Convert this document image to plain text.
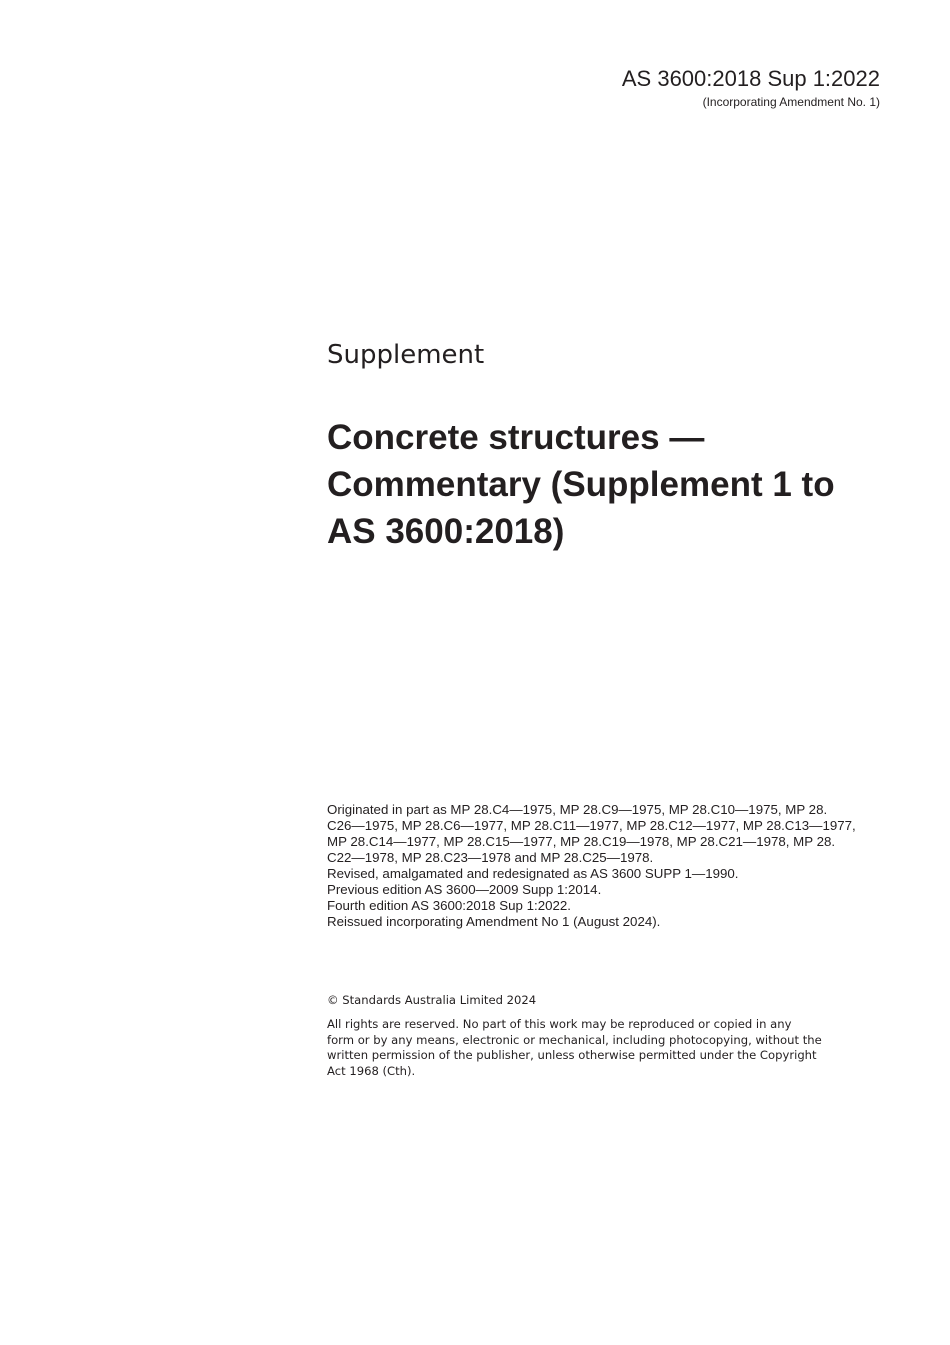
AS 3600:2018 Sup 1:2022
(Incorporating Amendment No. 1)
Supplement
Concrete structures —
Commentary (Supplement 1 to
AS 3600:2018)
Originated in part as MP 28.C4—1975, MP 28.C9—1975, MP 28.C10—1975, MP 28.
C26—1975, MP 28.C6—1977, MP 28.C11—1977, MP 28.C12—1977, MP 28.C13—1977,
MP 28.C14—1977, MP 28.C15—1977, MP 28.C19—1978, MP 28.C21—1978, MP 28.
C22—1978, MP 28.C23—1978 and MP 28.C25—1978.
Revised, amalgamated and redesignated as AS 3600 SUPP 1—1990.
Previous edition AS 3600—2009 Supp 1:2014.
Fourth edition AS 3600:2018 Sup 1:2022.
Reissued incorporating Amendment No 1 (August 2024).
© Standards Australia Limited 2024
All rights are reserved. No part of this work may be reproduced or copied in any
form or by any means, electronic or mechanical, including photocopying, without the
written permission of the publisher, unless otherwise permitted under the Copyright
Act 1968 (Cth).
